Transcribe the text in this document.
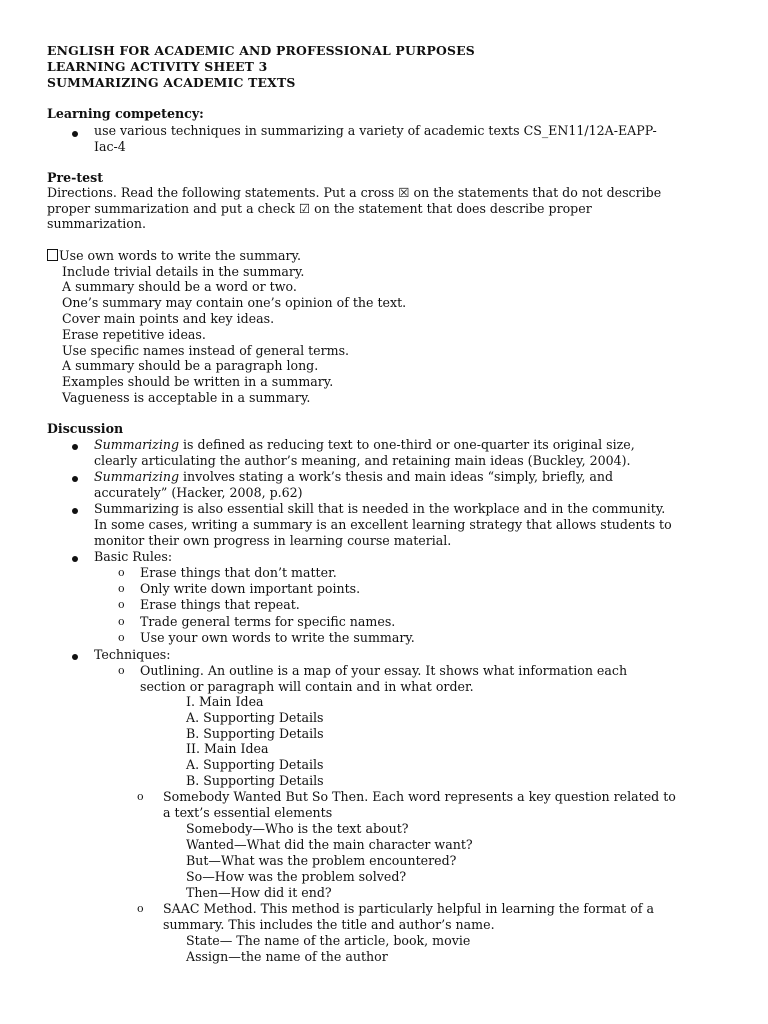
ENGLISH FOR ACADEMIC AND PROFESSIONAL PURPOSES
LEARNING ACTIVITY SHEET 3
SUMMARIZING ACADEMIC TEXTS
Learning competency:
use various techniques in summarizing a variety of academic texts CS_EN11/12A-EAPP-
Iac-4
Pre-test
Directions. Read the following statements. Put a cross ☒ on the statements that do not describe
proper summarization and put a check ☑ on the statement that does describe proper
summarization.
Use own words to write the summary.
Include trivial details in the summary.
A summary should be a word or two.
One’s summary may contain one’s opinion of the text.
Cover main points and key ideas.
Erase repetitive ideas.
Use specific names instead of general terms.
A summary should be a paragraph long.
Examples should be written in a summary.
Vagueness is acceptable in a summary.
Discussion
Summarizing is defined as reducing text to one-third or one-quarter its original size,
clearly articulating the author’s meaning, and retaining main ideas (Buckley, 2004).
Summarizing involves stating a work’s thesis and main ideas “simply, briefly, and
accurately” (Hacker, 2008, p.62)
Summarizing is also essential skill that is needed in the workplace and in the community.
In some cases, writing a summary is an excellent learning strategy that allows students to
monitor their own progress in learning course material.
Basic Rules:
o Erase things that don’t matter.
o Only write down important points.
o Erase things that repeat.
o Trade general terms for specific names.
o Use your own words to write the summary.
Techniques:
o Outlining. An outline is a map of your essay. It shows what information each
section or paragraph will contain and in what order.
I. Main Idea
A. Supporting Details
B. Supporting Details
II. Main Idea
A. Supporting Details
B. Supporting Details
o Somebody Wanted But So Then. Each word represents a key question related to
a text’s essential elements
Somebody—Who is the text about?
Wanted—What did the main character want?
But—What was the problem encountered?
So—How was the problem solved?
Then—How did it end?
o SAAC Method. This method is particularly helpful in learning the format of a
summary. This includes the title and author’s name.
State— The name of the article, book, movie
Assign—the name of the author
